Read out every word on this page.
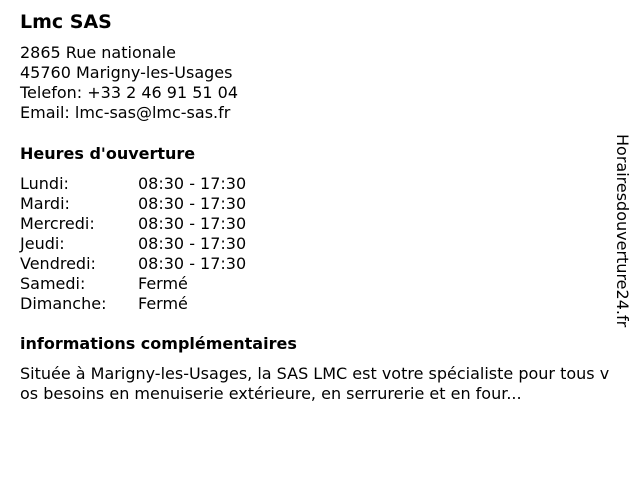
Lmc SAS
2865 Rue nationale
45760 Marigny-les-Usages
Telefon: +33 2 46 91 51 04
Email: lmc-sas@lmc-sas.fr
Heures d'ouverture
Lundi:	08:30 - 17:30
Mardi:	08:30 - 17:30
Mercredi:	08:30 - 17:30
Jeudi:	08:30 - 17:30
Vendredi:	08:30 - 17:30
Samedi:	Fermé
Dimanche: Fermé
informations complémentaires
Située à Marigny-les-Usages, la SAS LMC est votre spécialiste pour tous vos besoins en menuiserie extérieure, en serrurerie et en four...
Horairesdouverture24.fr
